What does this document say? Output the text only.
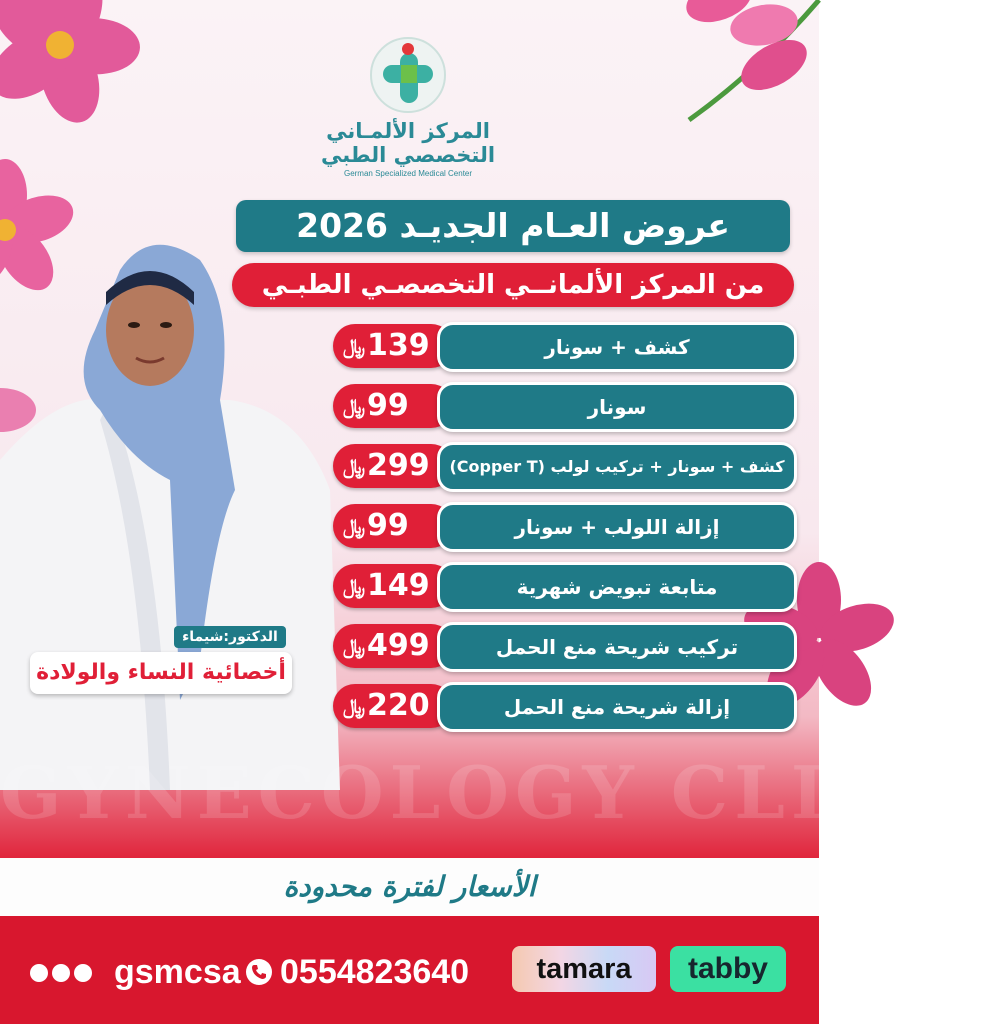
المركز الألمـاني
التخصصي الطبي
German Specialized Medical Center
عروض العـام الجديـد 2026
من المركز الألمانــي التخصصـي الطبـي
الدكتور:شيماء
أخصائية النساء والولادة
﷼ 139	كشف + سونار
﷼ 99	سونار
﷼ 299	كشف + سونار + تركيب لولب (Copper T)
﷼ 99	إزالة اللولب + سونار
﷼ 149	متابعة تبويض شهرية
﷼ 499	تركيب شريحة منع الحمل
﷼ 220	إزالة شريحة منع الحمل
GYNECOLOGY CLINIC
الأسعار لفترة محدودة
tabby
tamara
0554823640
gsmcsa
